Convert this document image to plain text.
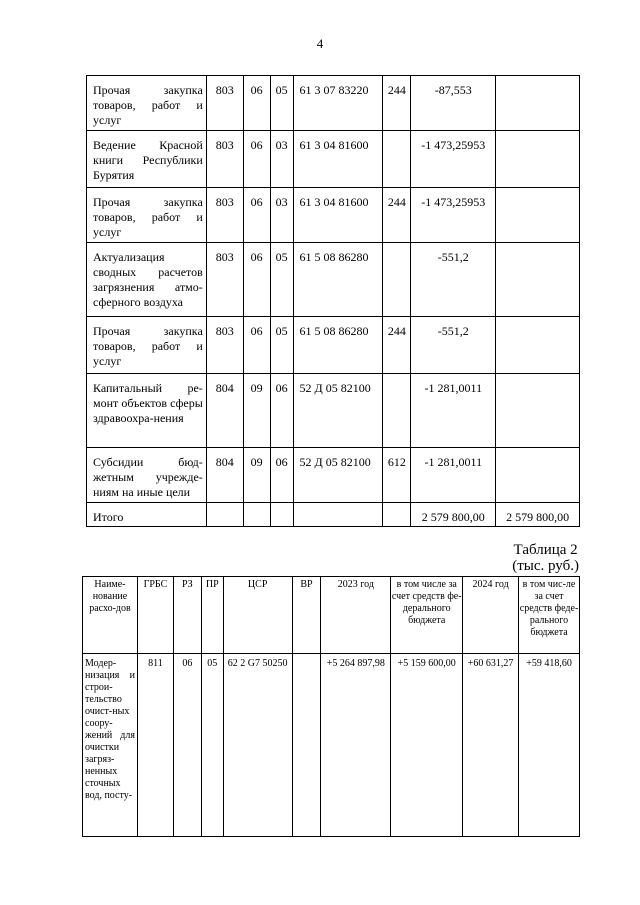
4
Прочая закупка товаров, работ и услуг	803	06	05	61 3 07 83220	244	-87,553	
Ведение Красной книги Республики Бурятия	803	06	03	61 3 04 81600		-1 473,25953	
Прочая закупка товаров, работ и услуг	803	06	03	61 3 04 81600	244	-1 473,25953	
Актуализация сводных расчетов загрязнения атмо-сферного воздуха	803	06	05	61 5 08 86280		-551,2	
Прочая закупка товаров, работ и услуг	803	06	05	61 5 08 86280	244	-551,2	
Капитальный ре-монт объектов сферы здравоохра-нения	804	09	06	52 Д 05 82100		-1 281,0011	
Субсидии бюд-жетным учрежде-ниям на иные цели	804	09	06	52 Д 05 82100	612	-1 281,0011	
Итого						2 579 800,00	2 579 800,00
Таблица 2
(тыс. руб.)
Наиме-нование расхо-дов	ГРБС	РЗ	ПР	ЦСР	ВР	2023 год	в том числе за счет средств фе-дерального бюджета	2024 год	в том чис-ле за счет средств феде-рального бюджета
Модер-низация и строи-тельство очист-ных соору-жений для очистки загряз-ненных сточных вод, посту-	811	06	05	62 2 G7 50250		+5 264 897,98	+5 159 600,00	+60 631,27	+59 418,60
